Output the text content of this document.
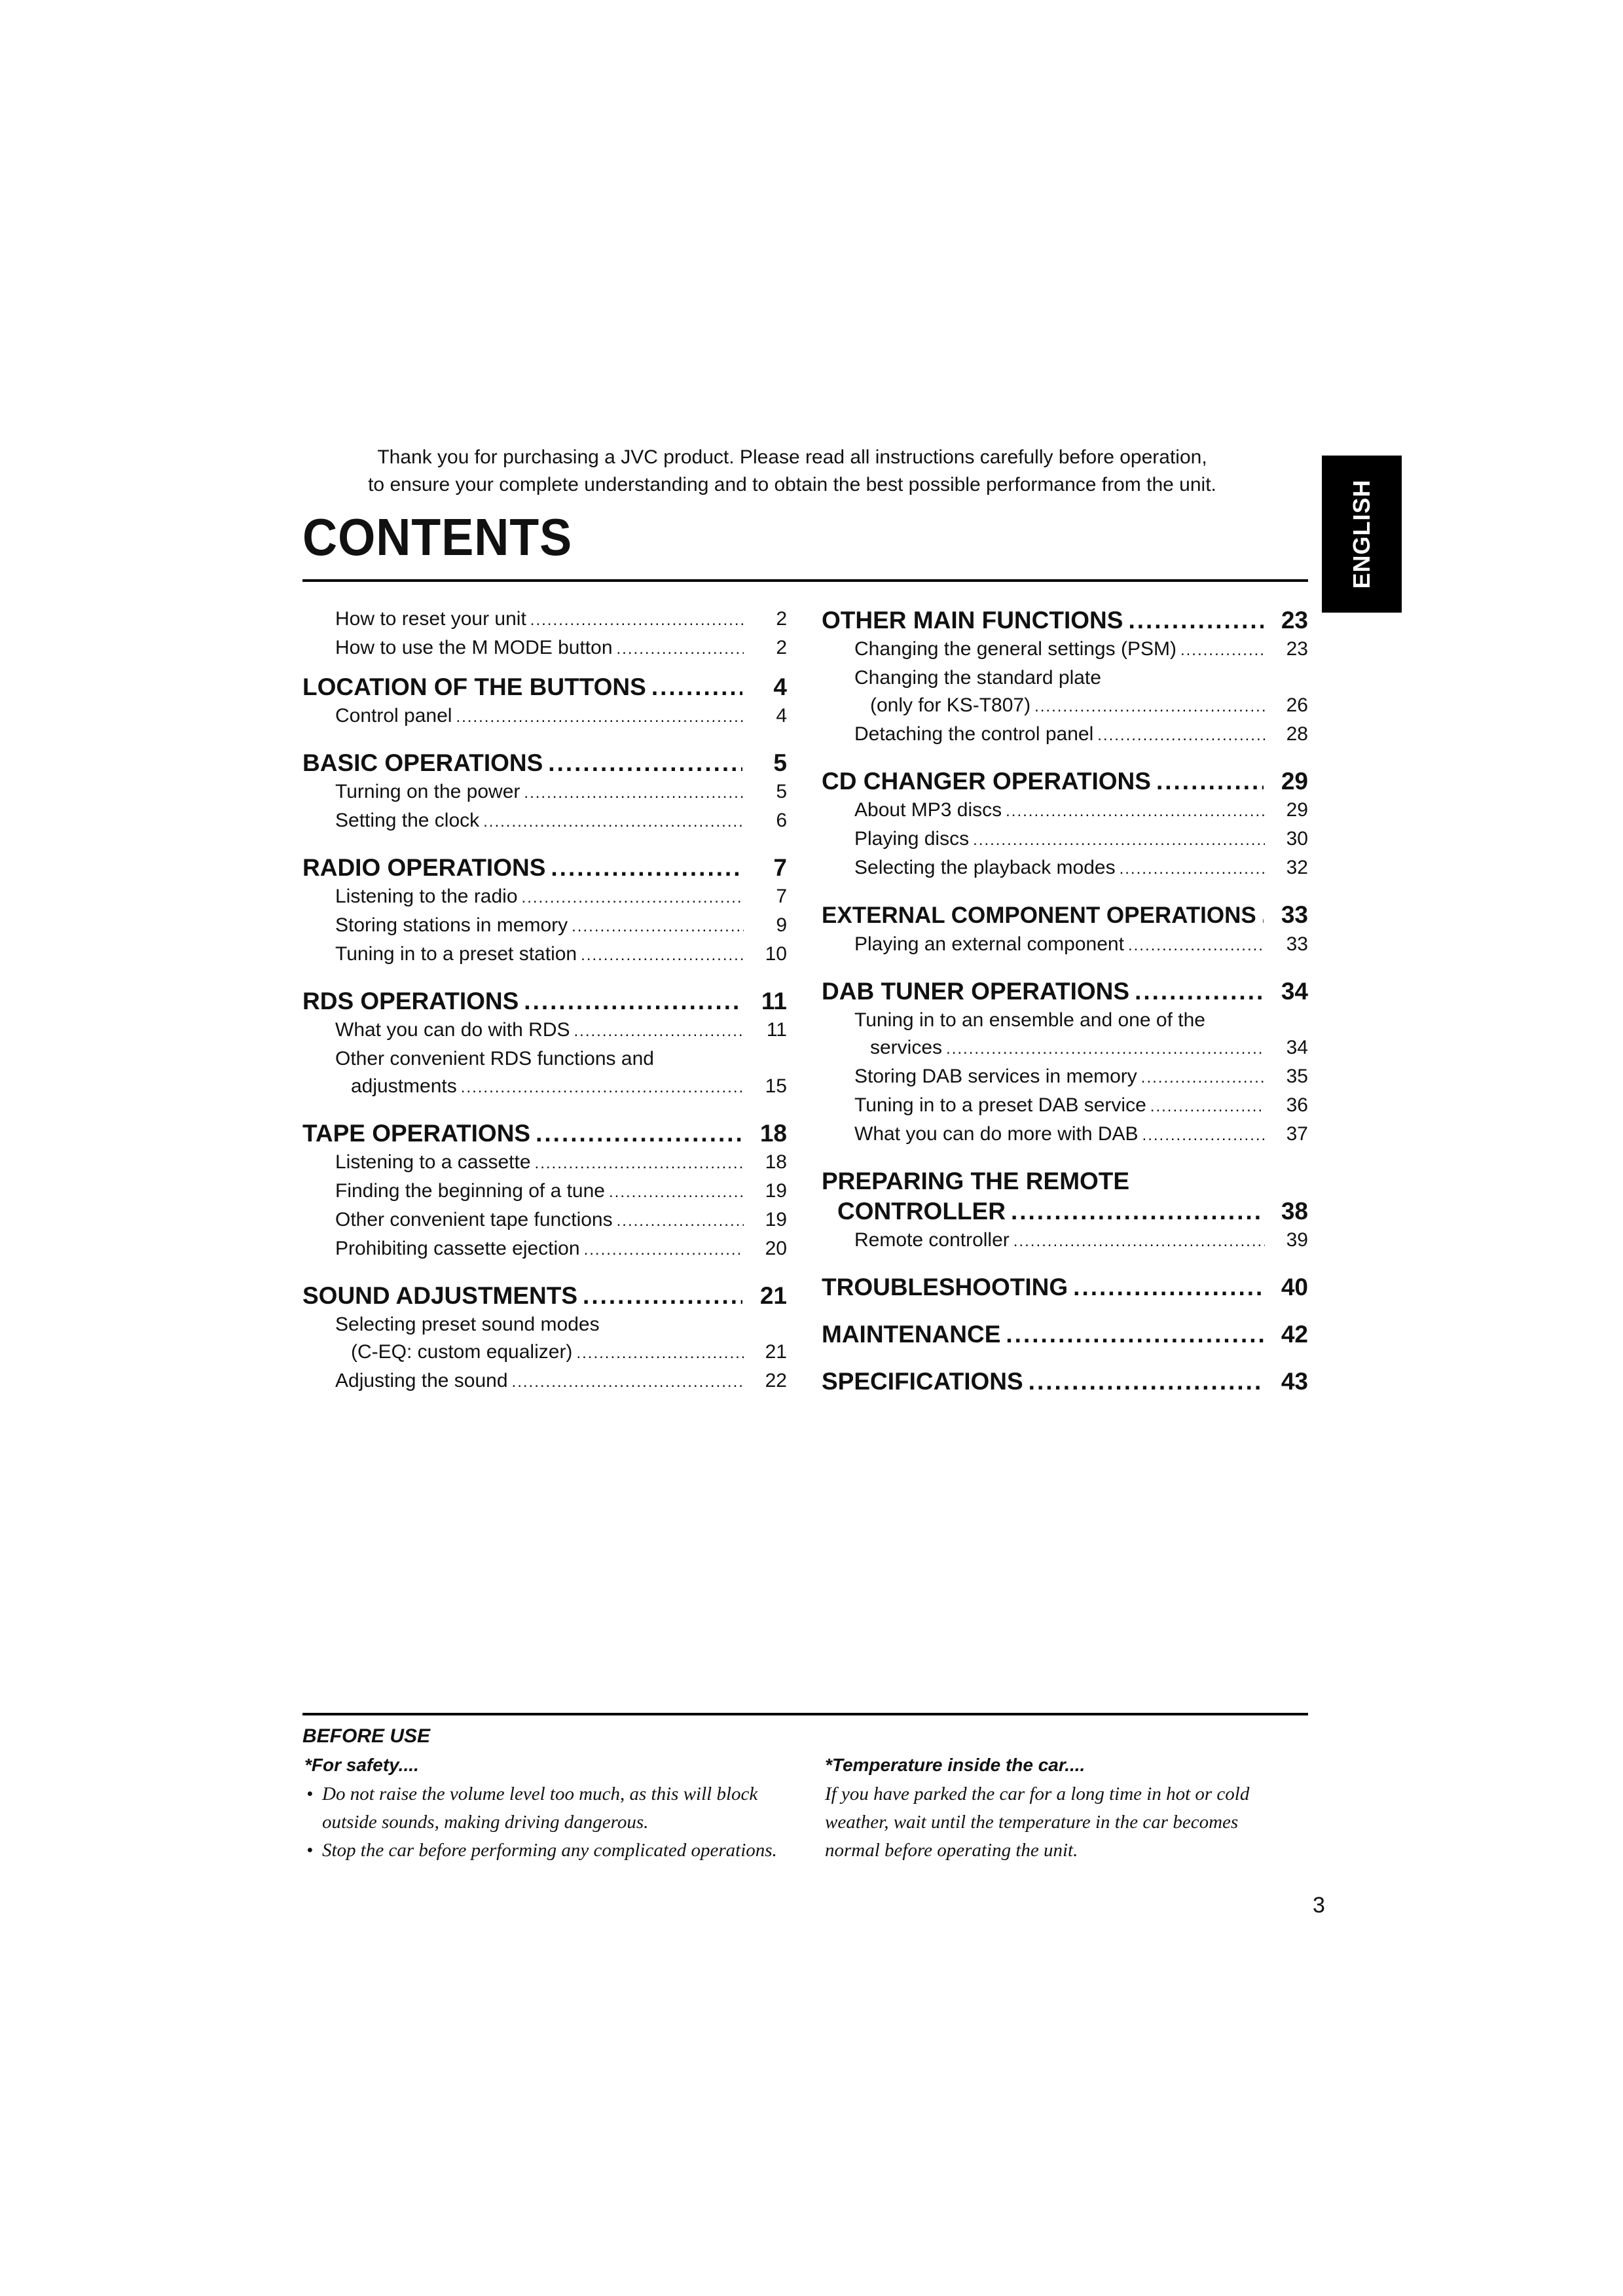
Thank you for purchasing a JVC product. Please read all instructions carefully before operation,

to ensure your complete understanding and to obtain the best possible performance from the unit.

CONTENTS	ENGLISH
How to reset your unit .....	2
How to use the M MODE button .....	2
LOCATION OF THE BUTTONS .....	4
Control panel .....	4
BASIC OPERATIONS .....	5
Turning on the power .....	5
Setting the clock .....	6
RADIO OPERATIONS .....	7
Listening to the radio .....	7
Storing stations in memory .....	9
Tuning in to a preset station .....	10
RDS OPERATIONS .....	11
What you can do with RDS .....	11
Other convenient RDS functions and
adjustments .....	15
TAPE OPERATIONS .....	18
Listening to a cassette .....	18
Finding the beginning of a tune .....	19
Other convenient tape functions .....	19
Prohibiting cassette ejection .....	20
SOUND ADJUSTMENTS .....	21
Selecting preset sound modes
(C-EQ: custom equalizer) .....	21
Adjusting the sound .....	22
OTHER MAIN FUNCTIONS .....	23
Changing the general settings (PSM) .....	23
Changing the standard plate
(only for KS-T807) .....	26
Detaching the control panel .....	28
CD CHANGER OPERATIONS .....	29
About MP3 discs .....	29
Playing discs .....	30
Selecting the playback modes .....	32
EXTERNAL COMPONENT OPERATIONS .....	33
Playing an external component .....	33
DAB TUNER OPERATIONS .....	34
Tuning in to an ensemble and one of the
services .....	34
Storing DAB services in memory .....	35
Tuning in to a preset DAB service .....	36
What you can do more with DAB .....	37
PREPARING THE REMOTE
CONTROLLER .....	38
Remote controller .....	39
TROUBLESHOOTING .....	40
MAINTENANCE .....	42
SPECIFICATIONS .....	43
BEFORE USE
*For safety....
• Do not raise the volume level too much, as this will block outside sounds, making driving dangerous.
• Stop the car before performing any complicated operations.
*Temperature inside the car....
If you have parked the car for a long time in hot or cold weather, wait until the temperature in the car becomes normal before operating the unit.
3
